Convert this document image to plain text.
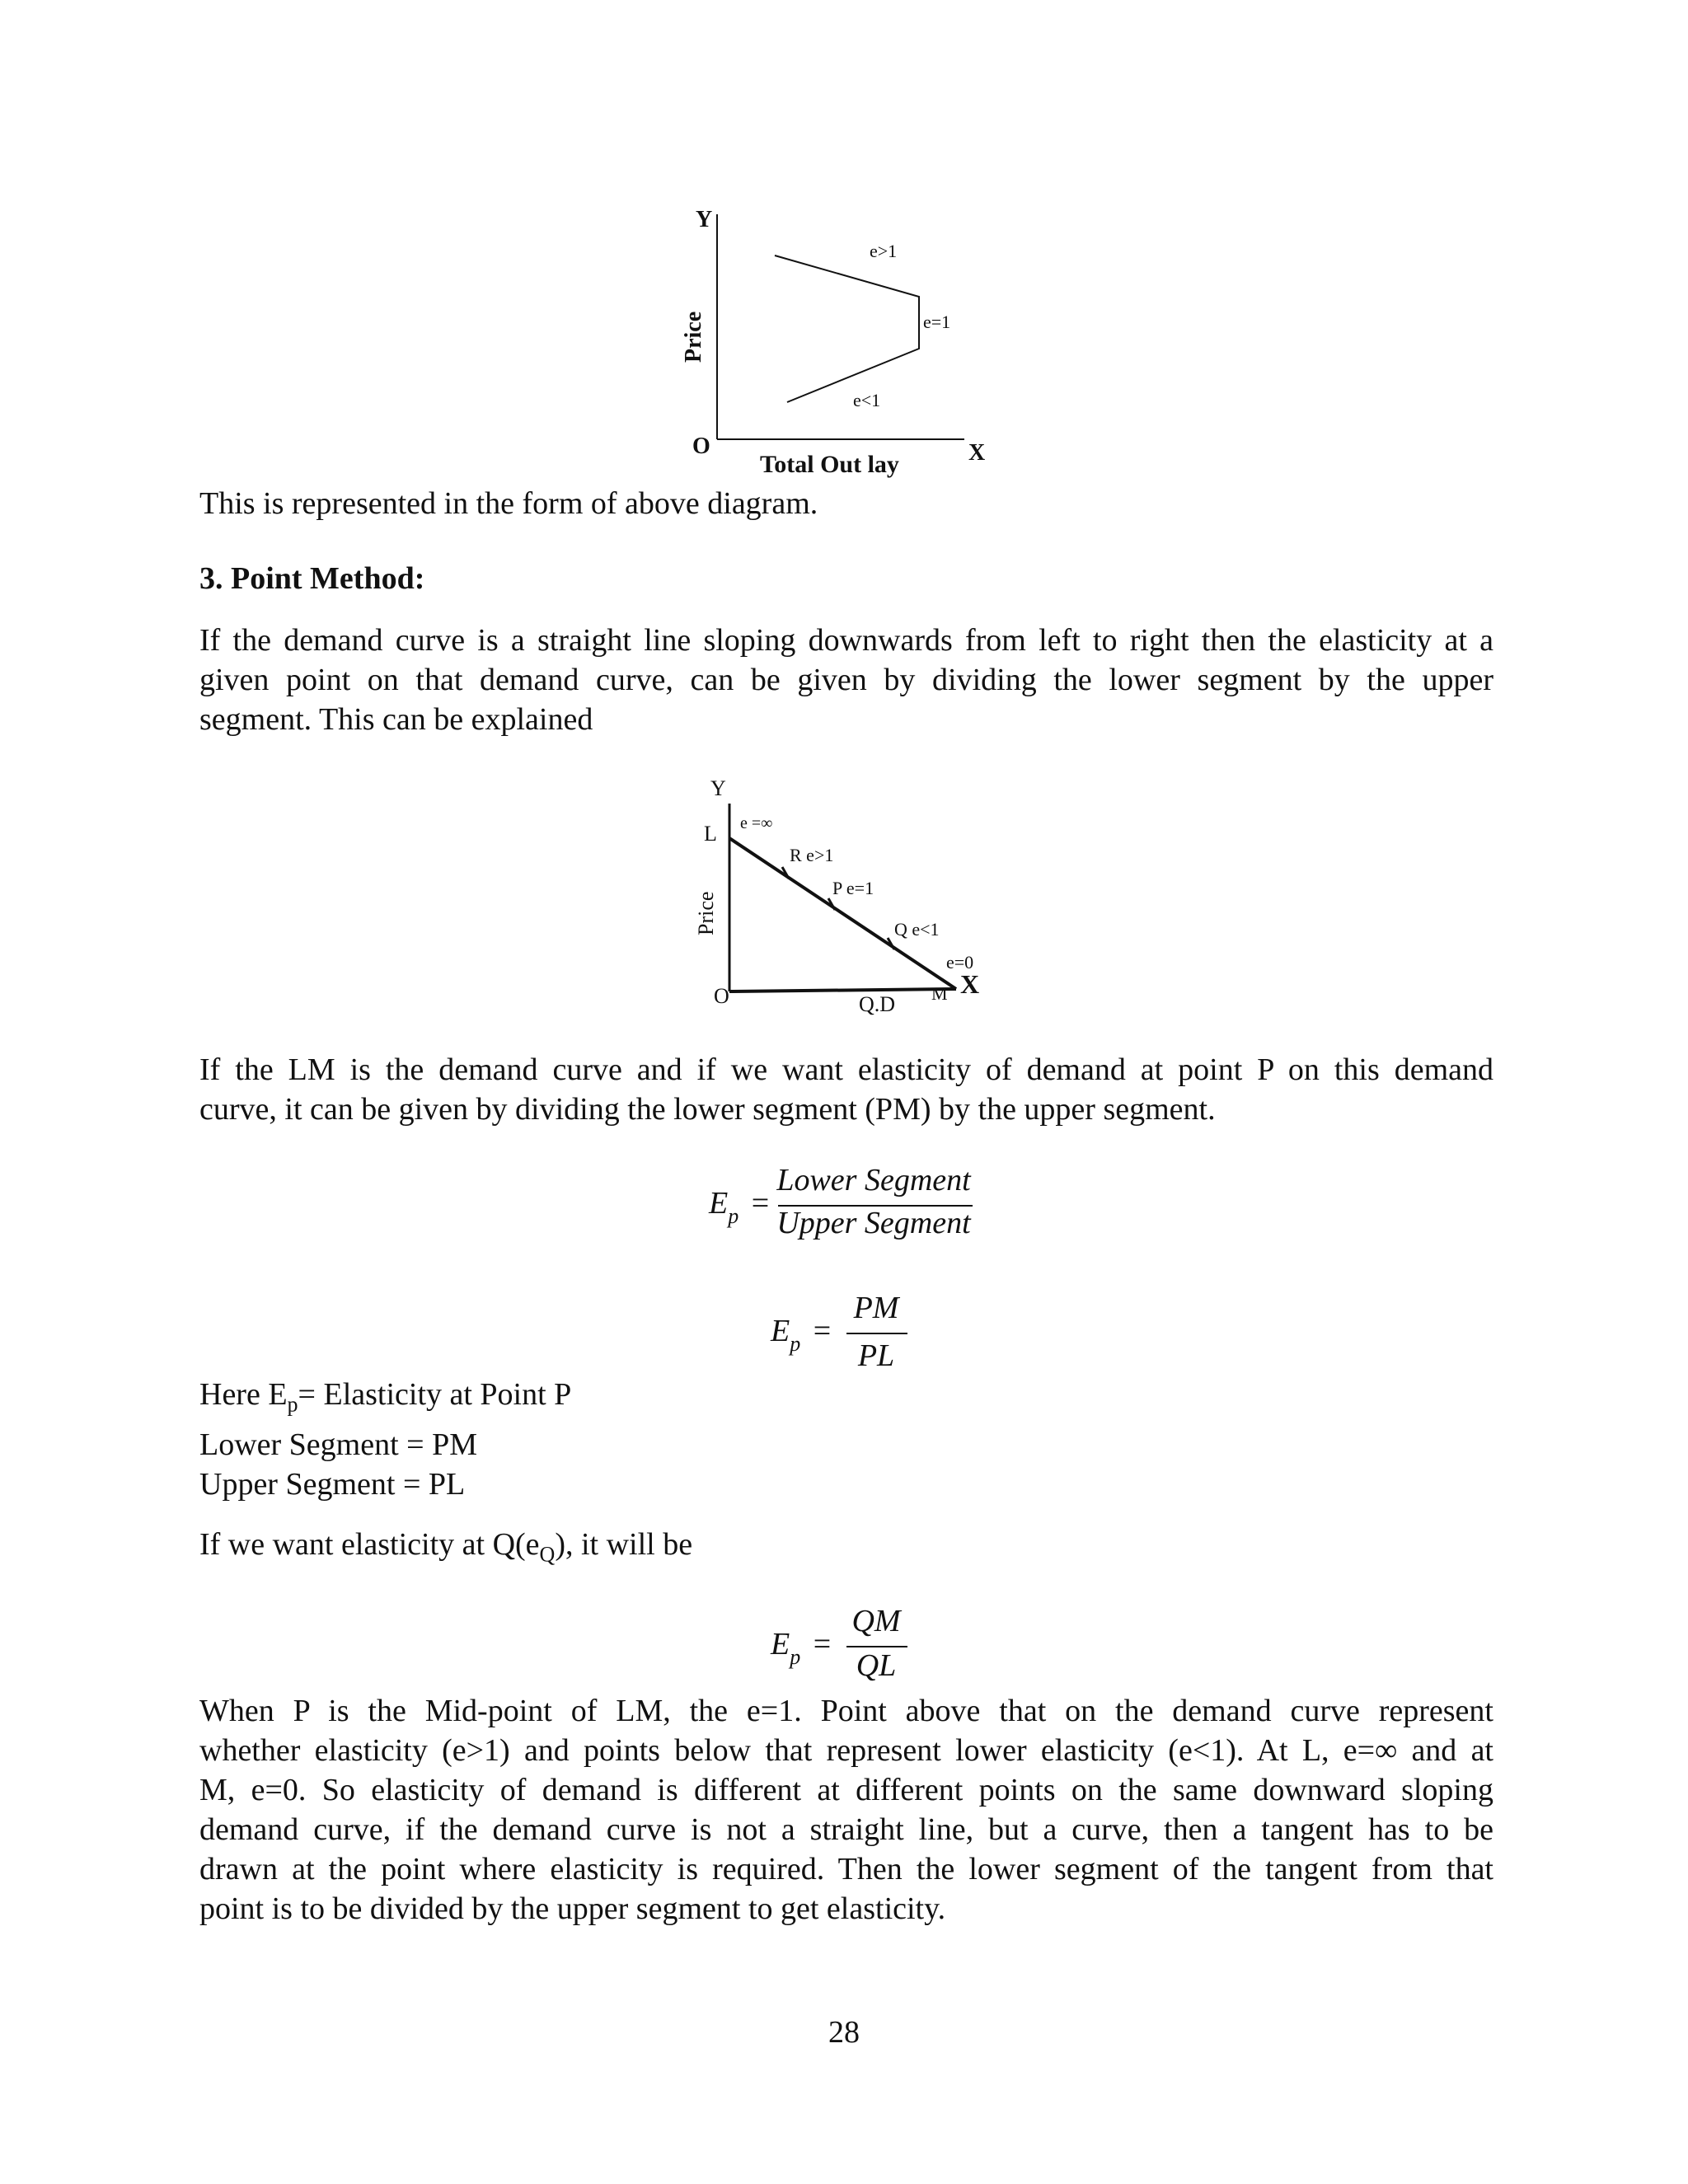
Y
O	X
Price
Total Out lay
e>1
e=1
e<1

This is represented in the form of above diagram.

3. Point Method:

If the demand curve is a straight line sloping downwards from left to right then the elasticity at a
given point on that demand curve, can be given by dividing the lower segment by the upper
segment. This can be explained

Y
L
O	M X
Price
Q.D
e =∞
R e>1
P e=1
Q e<1
e=0

If the LM is the demand curve and if we want elasticity of demand at point P on this demand
curve, it can be given by dividing the lower segment (PM) by the upper segment.

$E_p$ =
Lower Segment
Upper Segment
$E_p$ =
PM
PL
Here $E_p=$ Elasticity at Point P
Lower Segment = PM
Upper Segment = PL
If we want elasticity at $Q(e_Q)$, it will be
$E_p$ =
QM
QL

When P is the Mid-point of LM, the e=1. Point above that on the demand curve represent
whether elasticity (e>1) and points below that represent lower elasticity (e<1). At L, e=∞ and at
M, e=0. So elasticity of demand is different at different points on the same downward sloping
demand curve, if the demand curve is not a straight line, but a curve, then a tangent has to be
drawn at the point where elasticity is required. Then the lower segment of the tangent from that
point is to be divided by the upper segment to get elasticity.

28
